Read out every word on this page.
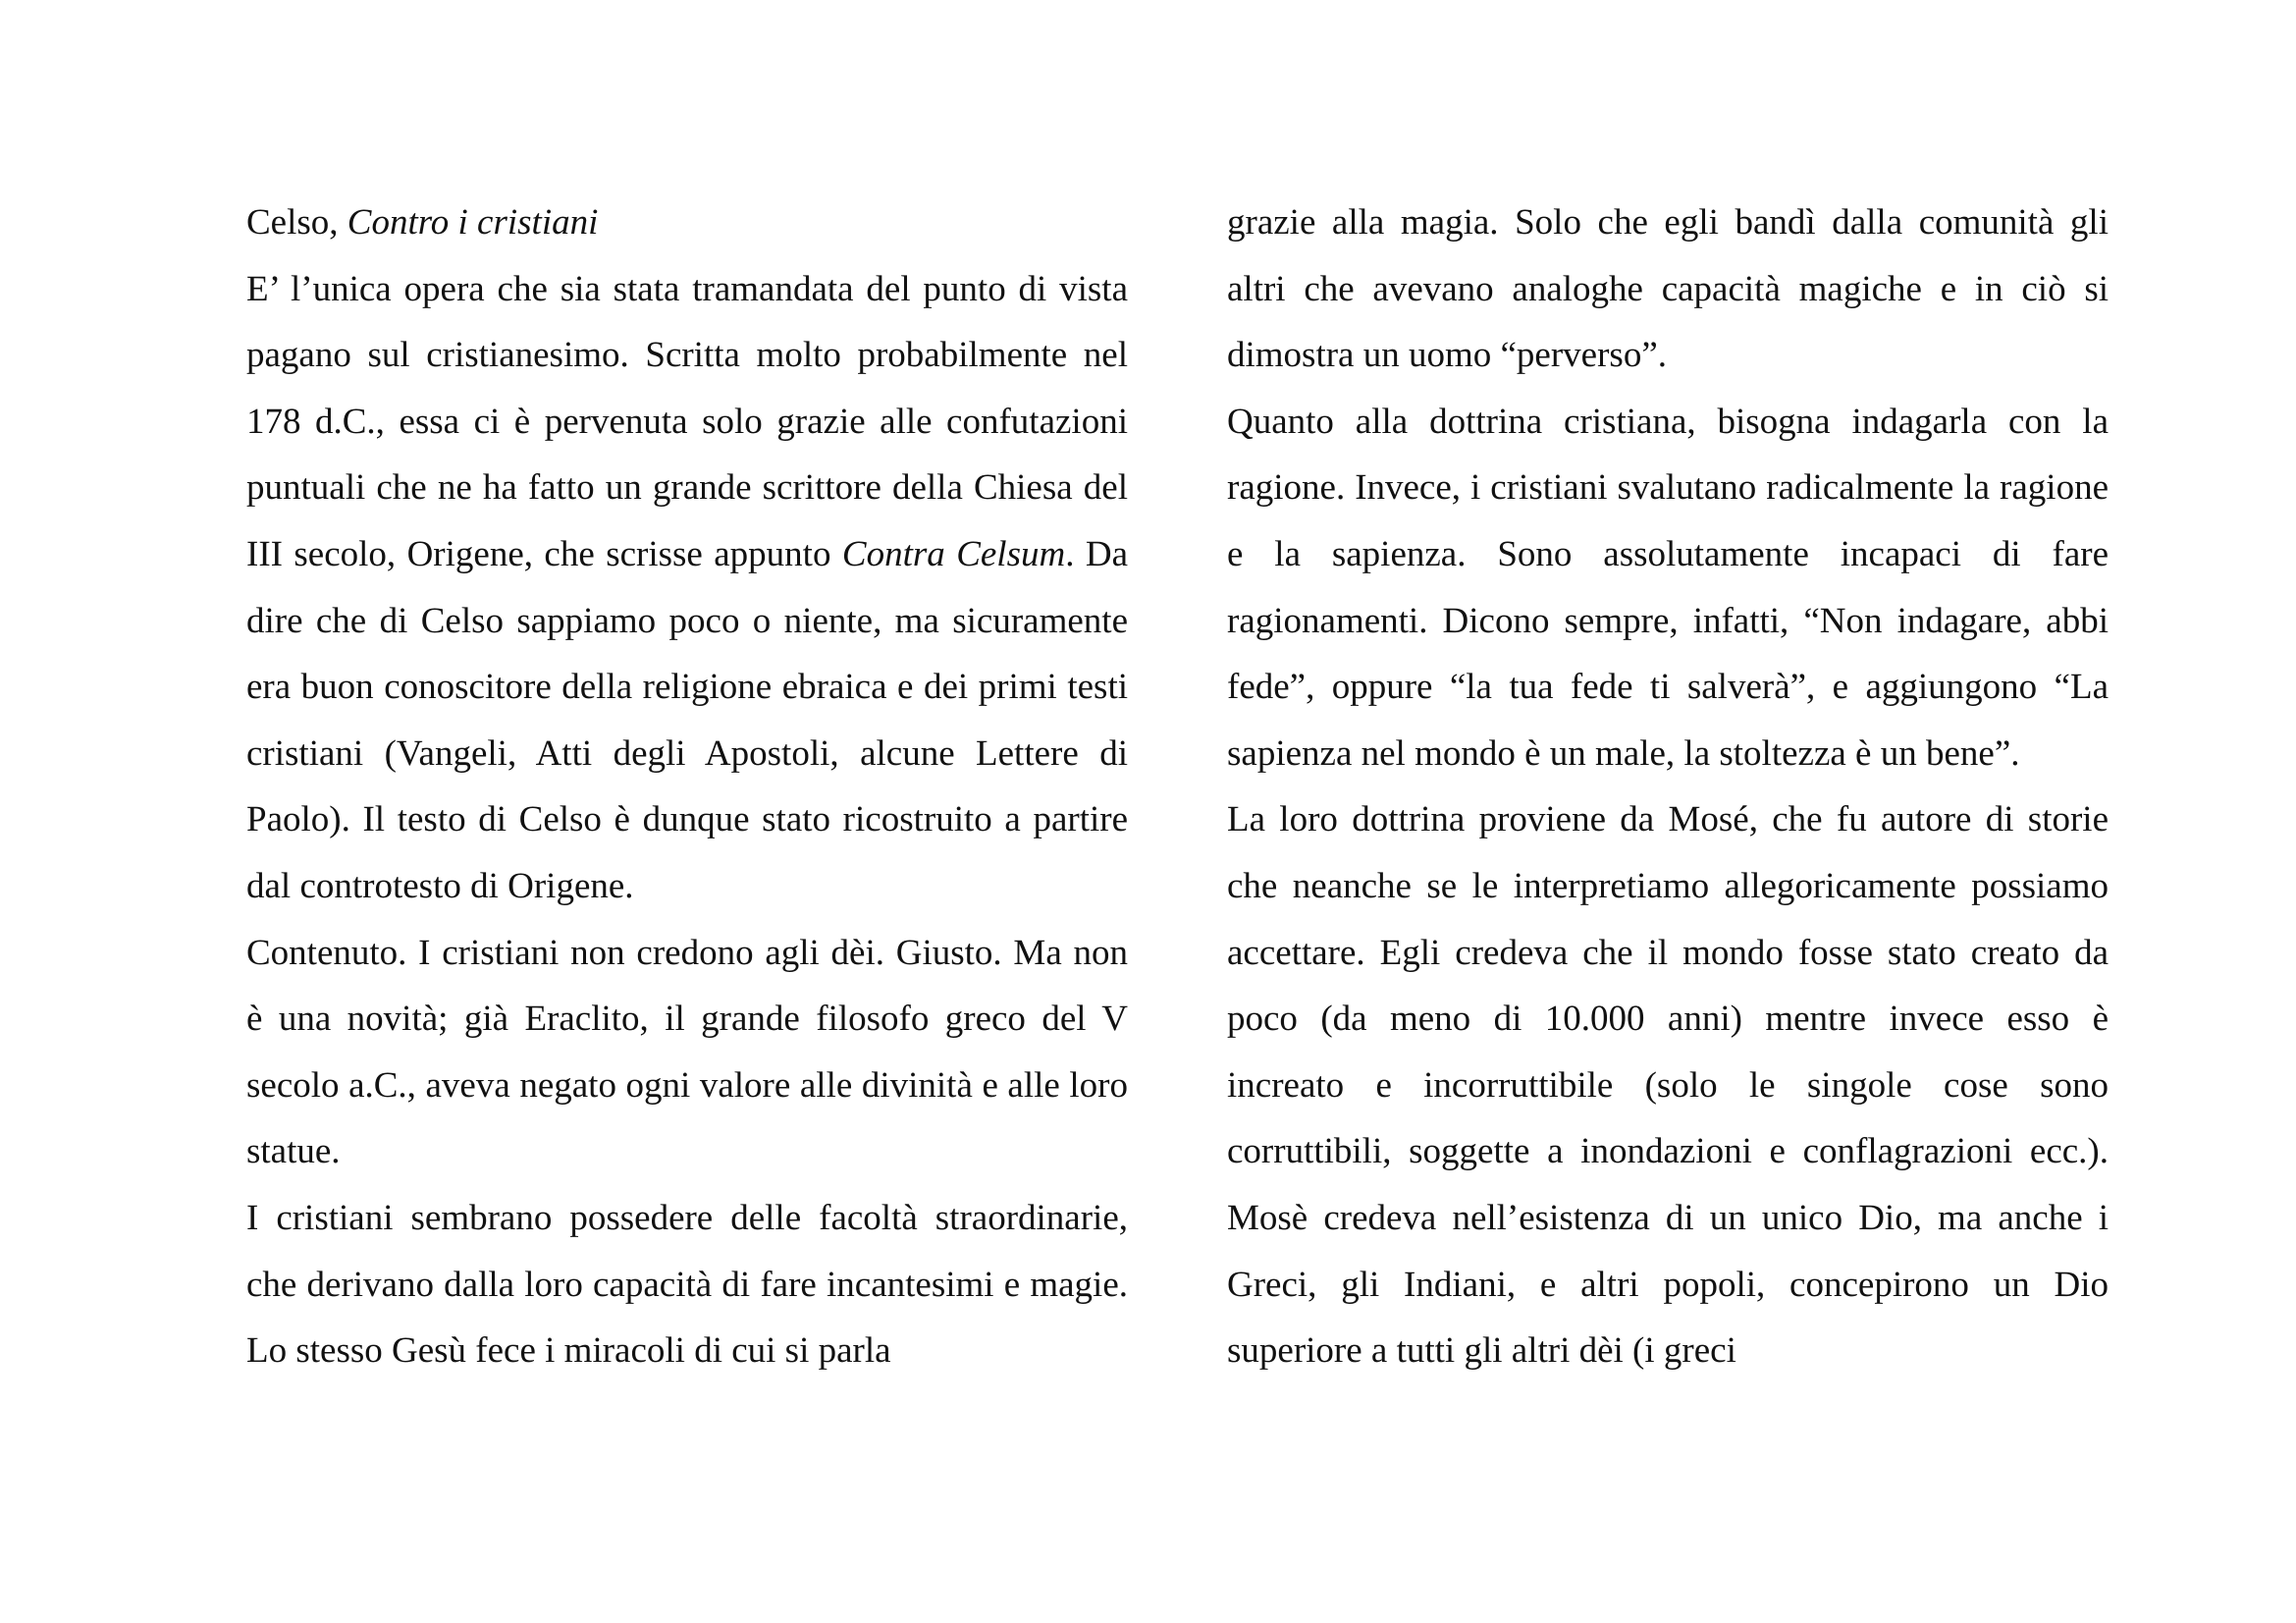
Celso, Contro i cristiani

E’ l’unica opera che sia stata tramandata del punto di vista pagano sul cristianesimo. Scritta molto probabilmente nel 178 d.C., essa ci è pervenuta solo grazie alle confutazioni puntuali che ne ha fatto un grande scrittore della Chiesa del III secolo, Origene, che scrisse appunto Contra Celsum. Da dire che di Celso sappiamo poco o niente, ma sicuramente era buon conoscitore della religione ebraica e dei primi testi cristiani (Vangeli, Atti degli Apostoli, alcune Lettere di Paolo). Il testo di Celso è dunque stato ricostruito a partire dal controtesto di Origene.

Contenuto. I cristiani non credono agli dèi. Giusto. Ma non è una novità; già Eraclito, il grande filosofo greco del V secolo a.C., aveva negato ogni valore alle divinità e alle loro statue.

I cristiani sembrano possedere delle facoltà straordinarie, che derivano dalla loro capacità di fare incantesimi e magie. Lo stesso Gesù fece i miracoli di cui si parla

grazie alla magia. Solo che egli bandì dalla comunità gli altri che avevano analoghe capacità magiche e in ciò si dimostra un uomo “perverso”.

Quanto alla dottrina cristiana, bisogna indagarla con la ragione. Invece, i cristiani svalutano radicalmente la ragione e la sapienza. Sono assolutamente incapaci di fare ragionamenti. Dicono sempre, infatti, “Non indagare, abbi fede”, oppure “la tua fede ti salverà”, e aggiungono “La sapienza nel mondo è un male, la stoltezza è un bene”.

La loro dottrina proviene da Mosé, che fu autore di storie che neanche se le interpretiamo allegoricamente possiamo accettare. Egli credeva che il mondo fosse stato creato da poco (da meno di 10.000 anni) mentre invece esso è increato e incorruttibile (solo le singole cose sono corruttibili, soggette a inondazioni e conflagrazioni ecc.). Mosè credeva nell’esistenza di un unico Dio, ma anche i Greci, gli Indiani, e altri popoli, concepirono un Dio superiore a tutti gli altri dèi (i greci
